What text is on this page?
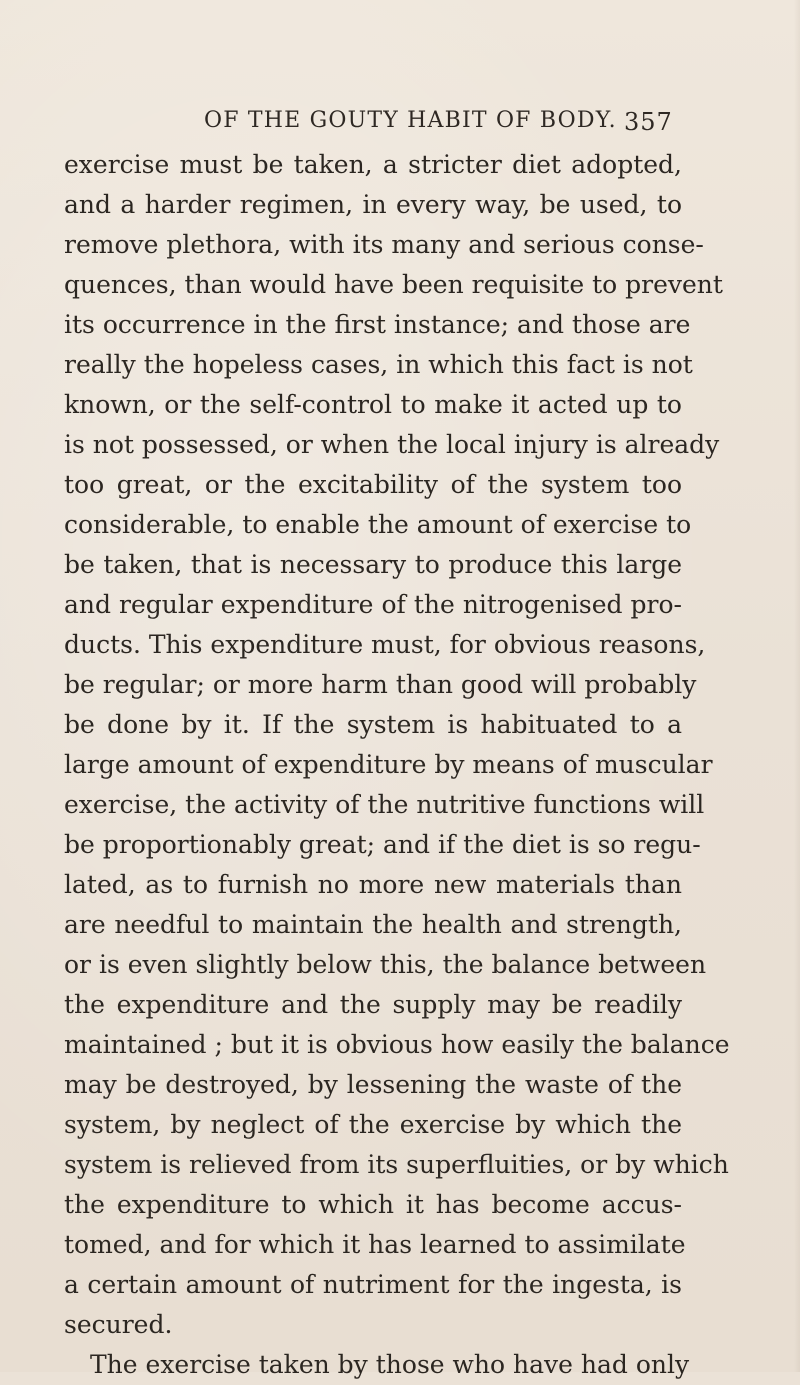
OF THE GOUTY HABIT OF BODY. 357
exercise must be taken, a stricter diet adopted,
and a harder regimen, in every way, be used, to
remove plethora, with its many and serious conse-
quences, than would have been requisite to prevent
its occurrence in the first instance; and those are
really the hopeless cases, in which this fact is not
known, or the self-control to make it acted up to
is not possessed, or when the local injury is already
too great, or the excitability of the system too
considerable, to enable the amount of exercise to
be taken, that is necessary to produce this large
and regular expenditure of the nitrogenised pro-
ducts. This expenditure must, for obvious reasons,
be regular; or more harm than good will probably
be done by it. If the system is habituated to a
large amount of expenditure by means of muscular
exercise, the activity of the nutritive functions will
be proportionably great; and if the diet is so regu-
lated, as to furnish no more new materials than
are needful to maintain the health and strength,
or is even slightly below this, the balance between
the expenditure and the supply may be readily
maintained ; but it is obvious how easily the balance
may be destroyed, by lessening the waste of the
system, by neglect of the exercise by which the
system is relieved from its superfluities, or by which
the expenditure to which it has become accus-
tomed, and for which it has learned to assimilate
a certain amount of nutriment for the ingesta, is
secured.
The exercise taken by those who have had only
